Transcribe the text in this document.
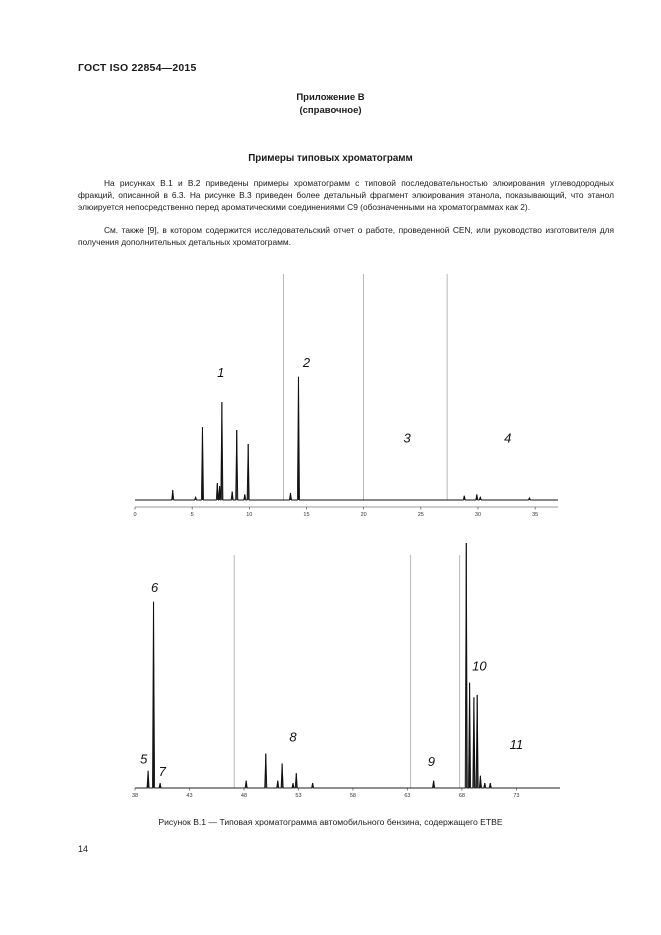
ГОСТ ISO 22854—2015
Приложение В
(справочное)
Примеры типовых хроматограмм
На рисунках В.1 и В.2 приведены примеры хроматограмм с типовой последовательностью элюирования углеводородных фракций, описанной в 6.3. На рисунке В.3 приведен более детальный фрагмент элюирования этанола, показывающий, что этанол элюируется непосредственно перед ароматическими соединениями С9 (обозначенными на хроматограммах как 2).
См. также [9], в котором содержится исследовательский отчет о работе, проведенной CEN, или руководство изготовителя для получения дополнительных детальных хроматограмм.
0	5	10	15	20	25	30	35
1
2
3	4
38	43	48	53	58	63	68	73
5
6
7
8
9
10
11
Рисунок В.1 — Типовая хроматограмма автомобильного бензина, содержащего ETBE
14
